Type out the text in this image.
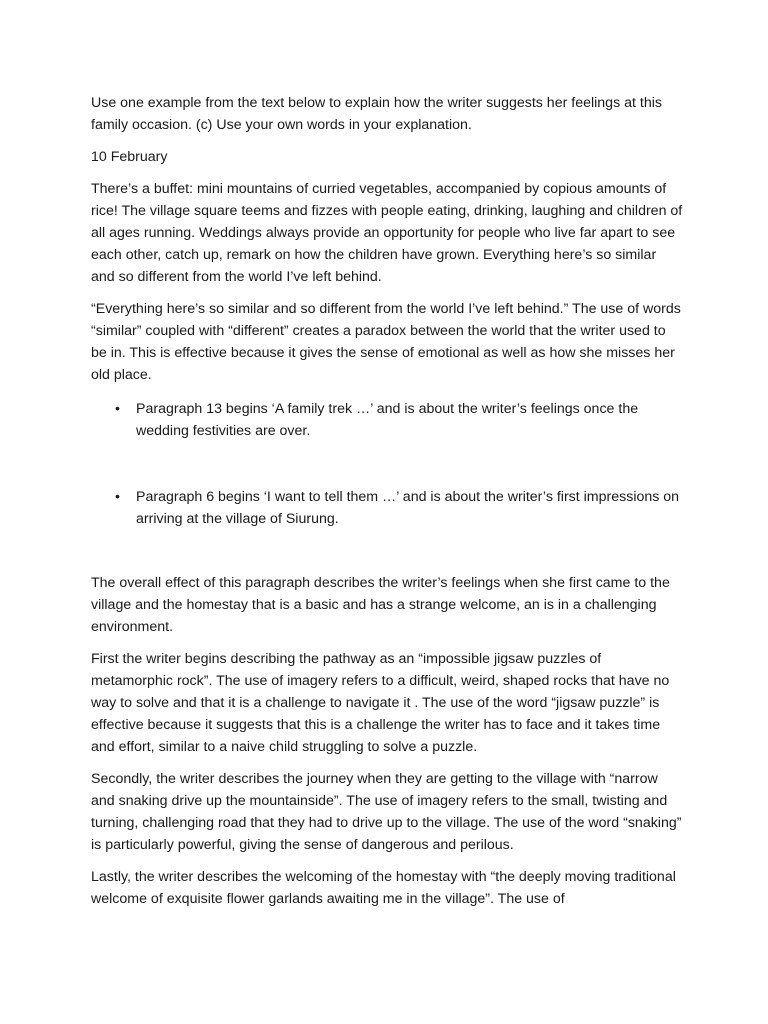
Use one example from the text below to explain how the writer suggests her feelings at this family occasion. (c) Use your own words in your explanation.

10 February

There’s a buffet: mini mountains of curried vegetables, accompanied by copious amounts of rice! The village square teems and fizzes with people eating, drinking, laughing and children of all ages running. Weddings always provide an opportunity for people who live far apart to see each other, catch up, remark on how the children have grown. Everything here’s so similar and so different from the world I’ve left behind.

“Everything here’s so similar and so different from the world I’ve left behind.” The use of words “similar” coupled with “different” creates a paradox between the world that the writer used to be in. This is effective because it gives the sense of emotional as well as how she misses her old place.

• Paragraph 13 begins ‘A family trek …’ and is about the writer’s feelings once the wedding festivities are over.
• Paragraph 6 begins ‘I want to tell them …’ and is about the writer’s first impressions on arriving at the village of Siurung.

The overall effect of this paragraph describes the writer’s feelings when she first came to the village and the homestay that is a basic and has a strange welcome, an is in a challenging environment.

First the writer begins describing the pathway as an “impossible jigsaw puzzles of metamorphic rock”. The use of imagery refers to a difficult, weird, shaped rocks that have no way to solve and that it is a challenge to navigate it . The use of the word “jigsaw puzzle” is effective because it suggests that this is a challenge the writer has to face and it takes time and effort, similar to a naive child struggling to solve a puzzle.

Secondly, the writer describes the journey when they are getting to the village with “narrow and snaking drive up the mountainside”. The use of imagery refers to the small, twisting and turning, challenging road that they had to drive up to the village. The use of the word “snaking” is particularly powerful, giving the sense of dangerous and perilous.

Lastly, the writer describes the welcoming of the homestay with “the deeply moving traditional welcome of exquisite flower garlands awaiting me in the village”. The use of
